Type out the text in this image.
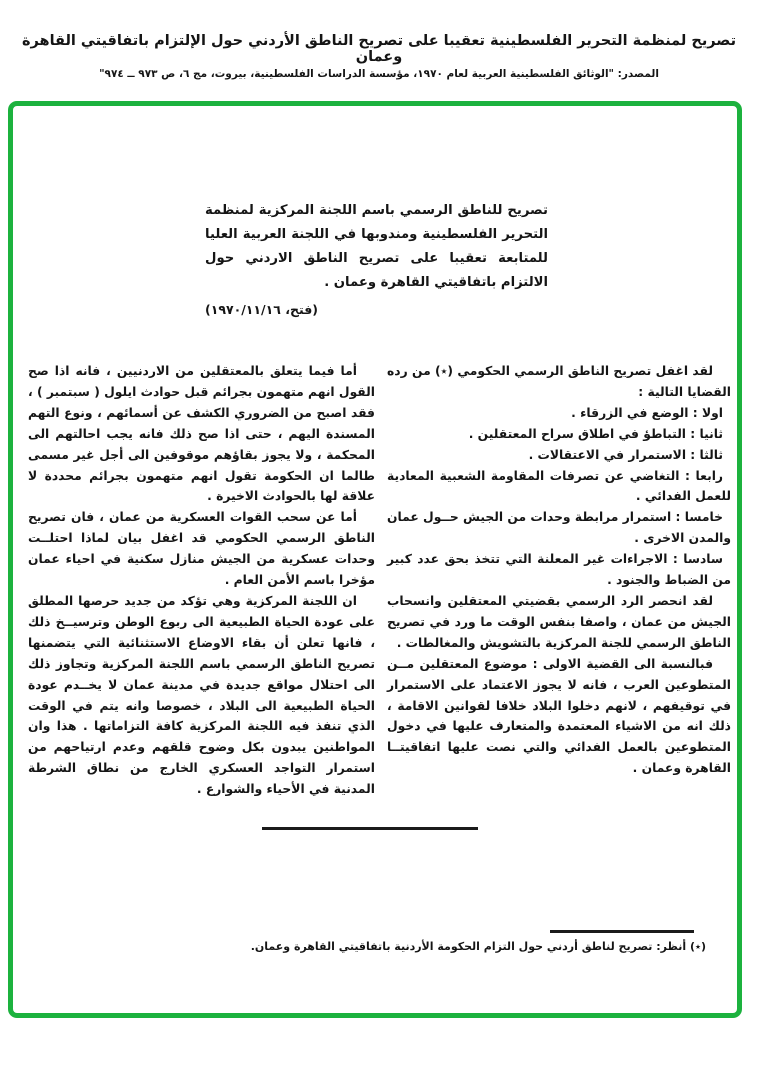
تصريح لمنظمة التحرير الفلسطينية تعقيبا على تصريح الناطق الأردني حول الإلتزام باتفاقيتي القاهرة وعمان
المصدر: "الوثائق الفلسطينية العربية لعام ١٩٧٠، مؤسسة الدراسات الفلسطينية، بيروت، مج ٦، ص ٩٧٣ ــ ٩٧٤"
تصريح للناطق الرسمي باسم اللجنة المركزية لمنظمة التحرير الفلسطينية ومندوبها في اللجنة العربية العليا للمتابعة تعقيبا على تصريح الناطق الاردني حول الالتزام باتفاقيتي القاهرة وعمان .
(فتح، ١٩٧٠/١١/١٦)

لقد اغفل تصريح الناطق الرسمي الحكومي (٭) من رده القضايا التالية :

اولا : الوضع في الزرقاء .

ثانيا : التباطؤ في اطلاق سراح المعتقلين .

ثالثا : الاستمرار في الاعتقالات .

رابعا : التغاضي عن تصرفات المقاومة الشعبية المعادية للعمل الفدائي .

خامسا : استمرار مرابطة وحدات من الجيش حــول عمان والمدن الاخرى .

سادسا : الاجراءات غير المعلنة التي تتخذ بحق عدد كبير من الضباط والجنود .

لقد انحصر الرد الرسمي بقضيتي المعتقلين وانسحاب الجيش من عمان ، واصفا بنفس الوقت ما ورد في تصريح الناطق الرسمي للجنة المركزية بالتشويش والمغالطات .

فبالنسبة الى القضية الاولى : موضوع المعتقلين مــن المتطوعين العرب ، فانه لا يجوز الاعتماد على الاستمرار في توقيفهم ، لانهم دخلوا البلاد خلافا لقوانين الاقامة ، ذلك انه من الاشياء المعتمدة والمتعارف عليها في دخول المتطوعين بالعمل الفدائي والتي نصت عليها اتفاقيتــا القاهرة وعمان .

أما فيما يتعلق بالمعتقلين من الاردنيين ، فانه اذا صح القول انهم متهمون بجرائم قبل حوادث ايلول ( سبتمبر ) ، فقد اصبح من الضروري الكشف عن أسمائهم ، ونوع التهم المسندة اليهم ، حتى اذا صح ذلك فانه يجب احالتهم الى المحكمة ، ولا يجوز بقاؤهم موقوفين الى أجل غير مسمى طالما ان الحكومة تقول انهم متهمون بجرائم محددة لا علاقة لها بالحوادث الاخيرة .

أما عن سحب القوات العسكرية من عمان ، فان تصريح الناطق الرسمي الحكومي قد اغفل بيان لماذا احتلــت وحدات عسكرية من الجيش منازل سكنية في احياء عمان مؤخرا باسم الأمن العام .

ان اللجنة المركزية وهي تؤكد من جديد حرصها المطلق على عودة الحياة الطبيعية الى ربوع الوطن وترسيــخ ذلك ، فانها تعلن أن بقاء الاوضاع الاستثنائية التي يتضمنها تصريح الناطق الرسمي باسم اللجنة المركزية وتجاوز ذلك الى احتلال مواقع جديدة في مدينة عمان لا يخــدم عودة الحياة الطبيعية الى البلاد ، خصوصا وانه يتم في الوقت الذي تنفذ فيه اللجنة المركزية كافة التزاماتها . هذا وان المواطنين يبدون بكل وضوح قلقهم وعدم ارتياحهم من استمرار التواجد العسكري الخارج من نطاق الشرطة المدنية في الأحياء والشوارع .

(٭) أنظر: تصريح لناطق أردني حول التزام الحكومة الأردنية باتفاقيتي القاهرة وعمان.
